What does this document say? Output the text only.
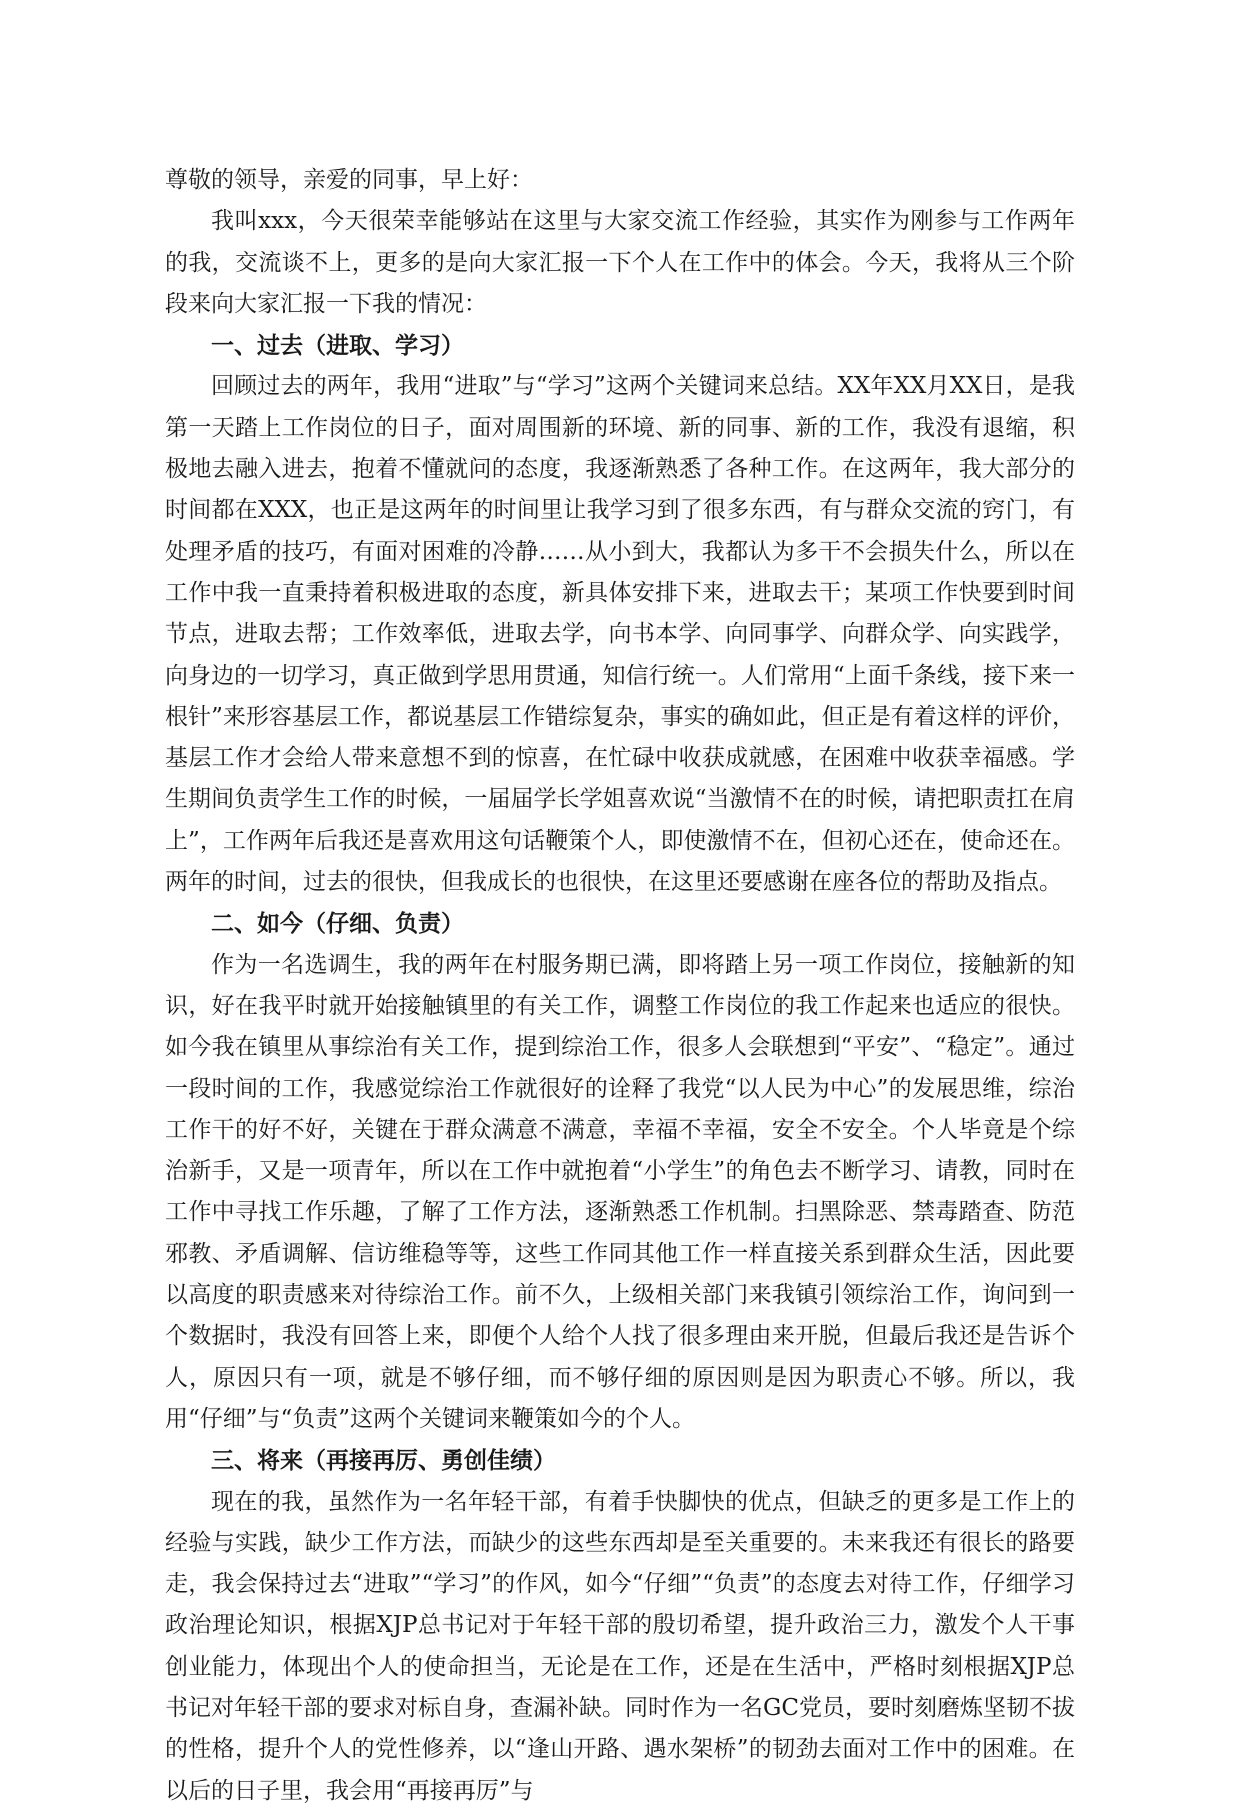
尊敬的领导，亲爱的同事，早上好：

我叫xxx，今天很荣幸能够站在这里与大家交流工作经验，其实作为刚参与工作两年的我，交流谈不上，更多的是向大家汇报一下个人在工作中的体会。今天，我将从三个阶段来向大家汇报一下我的情况：

一、过去（进取、学习）

回顾过去的两年，我用“进取”与“学习”这两个关键词来总结。XX年XX月XX日，是我第一天踏上工作岗位的日子，面对周围新的环境、新的同事、新的工作，我没有退缩，积极地去融入进去，抱着不懂就问的态度，我逐渐熟悉了各种工作。在这两年，我大部分的时间都在XXX，也正是这两年的时间里让我学习到了很多东西，有与群众交流的窍门，有处理矛盾的技巧，有面对困难的冷静……从小到大，我都认为多干不会损失什么，所以在工作中我一直秉持着积极进取的态度，新具体安排下来，进取去干；某项工作快要到时间节点，进取去帮；工作效率低，进取去学，向书本学、向同事学、向群众学、向实践学，向身边的一切学习，真正做到学思用贯通，知信行统一。人们常用“上面千条线，接下来一根针”来形容基层工作，都说基层工作错综复杂，事实的确如此，但正是有着这样的评价，基层工作才会给人带来意想不到的惊喜，在忙碌中收获成就感，在困难中收获幸福感。学生期间负责学生工作的时候，一届届学长学姐喜欢说“当激情不在的时候，请把职责扛在肩上”，工作两年后我还是喜欢用这句话鞭策个人，即使激情不在，但初心还在，使命还在。两年的时间，过去的很快，但我成长的也很快，在这里还要感谢在座各位的帮助及指点。

二、如今（仔细、负责）

作为一名选调生，我的两年在村服务期已满，即将踏上另一项工作岗位，接触新的知识，好在我平时就开始接触镇里的有关工作，调整工作岗位的我工作起来也适应的很快。如今我在镇里从事综治有关工作，提到综治工作，很多人会联想到“平安”、“稳定”。通过一段时间的工作，我感觉综治工作就很好的诠释了我党“以人民为中心”的发展思维，综治工作干的好不好，关键在于群众满意不满意，幸福不幸福，安全不安全。个人毕竟是个综治新手，又是一项青年，所以在工作中就抱着“小学生”的角色去不断学习、请教，同时在工作中寻找工作乐趣，了解了工作方法，逐渐熟悉工作机制。扫黑除恶、禁毒踏查、防范邪教、矛盾调解、信访维稳等等，这些工作同其他工作一样直接关系到群众生活，因此要以高度的职责感来对待综治工作。前不久，上级相关部门来我镇引领综治工作，询问到一个数据时，我没有回答上来，即便个人给个人找了很多理由来开脱，但最后我还是告诉个人，原因只有一项，就是不够仔细，而不够仔细的原因则是因为职责心不够。所以，我用“仔细”与“负责”这两个关键词来鞭策如今的个人。

三、将来（再接再厉、勇创佳绩）

现在的我，虽然作为一名年轻干部，有着手快脚快的优点，但缺乏的更多是工作上的经验与实践，缺少工作方法，而缺少的这些东西却是至关重要的。未来我还有很长的路要走，我会保持过去“进取”“学习”的作风，如今“仔细”“负责”的态度去对待工作，仔细学习政治理论知识，根据XJP总书记对于年轻干部的殷切希望，提升政治三力，激发个人干事创业能力，体现出个人的使命担当，无论是在工作，还是在生活中，严格时刻根据XJP总书记对年轻干部的要求对标自身，查漏补缺。同时作为一名GC党员，要时刻磨炼坚韧不拔的性格，提升个人的党性修养，以“逢山开路、遇水架桥”的韧劲去面对工作中的困难。在以后的日子里，我会用“再接再厉”与
